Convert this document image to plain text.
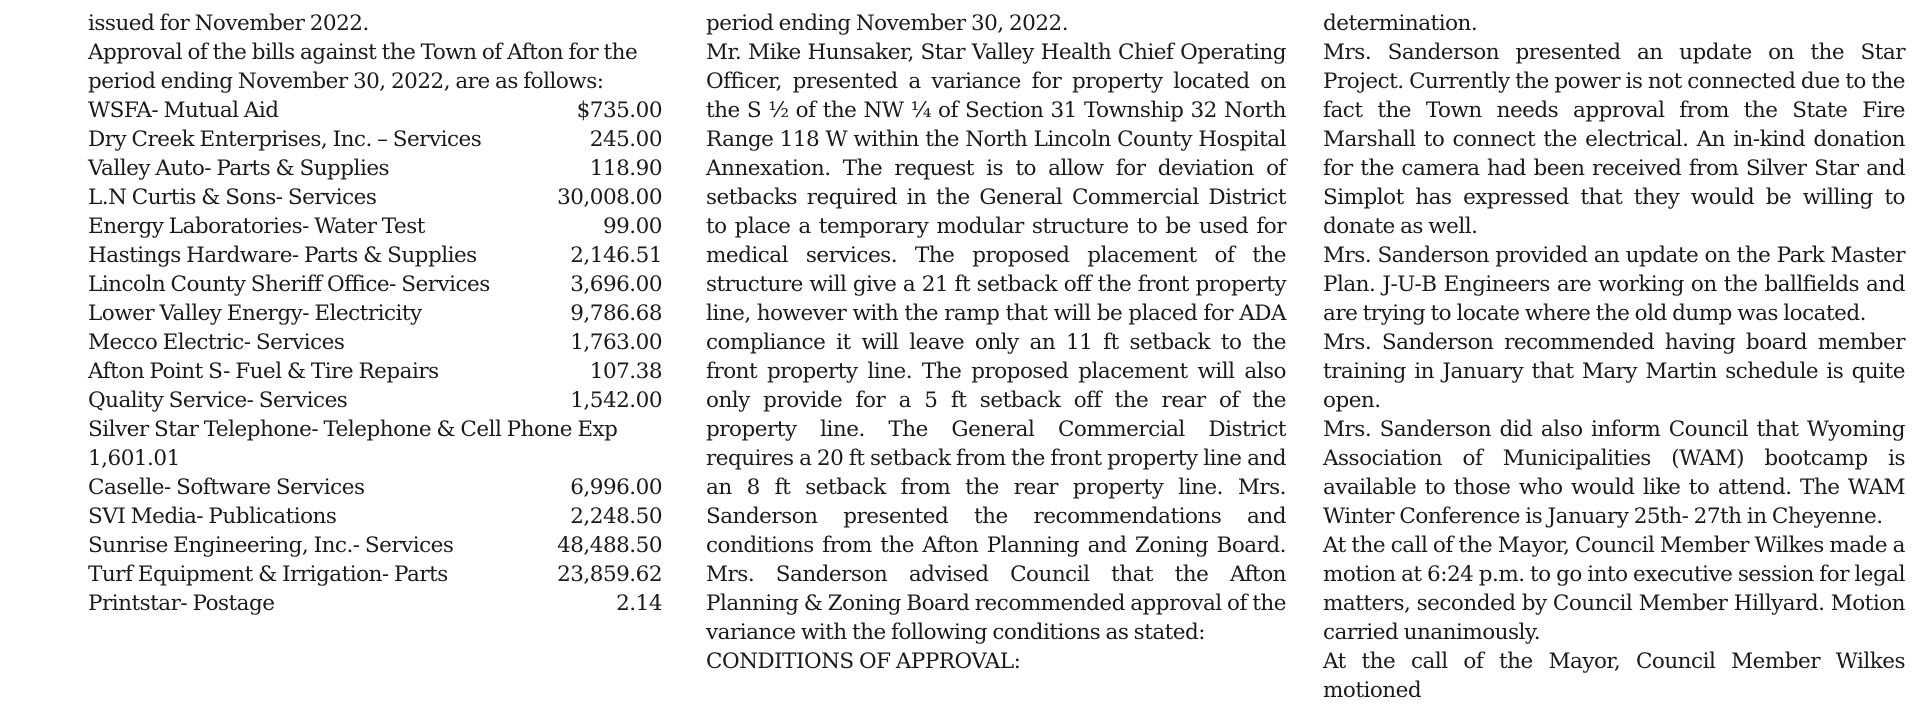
issued for November 2022.

Approval of the bills against the Town of Afton for the period ending November 30, 2022, are as follows:

WSFA- Mutual Aid	$ 735.00
Dry Creek Enterprises, Inc. – Services	245.00
Valley Auto- Parts & Supplies	118.90
L.N Curtis & Sons- Services	30,008.00
Energy Laboratories- Water Test	99.00
Hastings Hardware- Parts & Supplies	2,146.51
Lincoln County Sheriff Office- Services	3,696.00
Lower Valley Energy- Electricity	9,786.68
Mecco Electric- Services	1,763.00
Afton Point S- Fuel & Tire Repairs	107.38
Quality Service- Services	1,542.00
Silver Star Telephone- Telephone & Cell Phone Exp
1,601.01
Caselle- Software Services	6,996.00
SVI Media- Publications	2,248.50
Sunrise Engineering, Inc.- Services	48,488.50
Turf Equipment & Irrigation- Parts	23,859.62
Printstar- Postage	2.14

period ending November 30, 2022.

Mr. Mike Hunsaker, Star Valley Health Chief Operating Officer, presented a variance for property located on the S ½ of the NW ¼ of Section 31 Township 32 North Range 118 W within the North Lincoln County Hospital Annexation. The request is to allow for deviation of setbacks required in the General Commercial District to place a temporary modular structure to be used for medical services. The proposed placement of the structure will give a 21 ft setback off the front property line, however with the ramp that will be placed for ADA compliance it will leave only an 11 ft setback to the front property line. The proposed placement will also only provide for a 5 ft setback off the rear of the property line. The General Commercial District requires a 20 ft setback from the front property line and an 8 ft setback from the rear property line. Mrs. Sanderson presented the recommendations and conditions from the Afton Planning and Zoning Board. Mrs. Sanderson advised Council that the Afton Planning & Zoning Board recommended approval of the variance with the following conditions as stated:

CONDITIONS OF APPROVAL:

determination.

Mrs. Sanderson presented an update on the Star Project. Currently the power is not connected due to the fact the Town needs approval from the State Fire Marshall to connect the electrical. An in-kind donation for the camera had been received from Silver Star and Simplot has expressed that they would be willing to donate as well.

Mrs. Sanderson provided an update on the Park Master Plan. J-U-B Engineers are working on the ballfields and are trying to locate where the old dump was located.

Mrs. Sanderson recommended having board member training in January that Mary Martin schedule is quite open.

Mrs. Sanderson did also inform Council that Wyoming Association of Municipalities (WAM) bootcamp is available to those who would like to attend. The WAM Winter Conference is January 25th- 27th in Cheyenne.

At the call of the Mayor, Council Member Wilkes made a motion at 6:24 p.m. to go into executive session for legal matters, seconded by Council Member Hillyard. Motion carried unanimously.

At the call of the Mayor, Council Member Wilkes motioned
